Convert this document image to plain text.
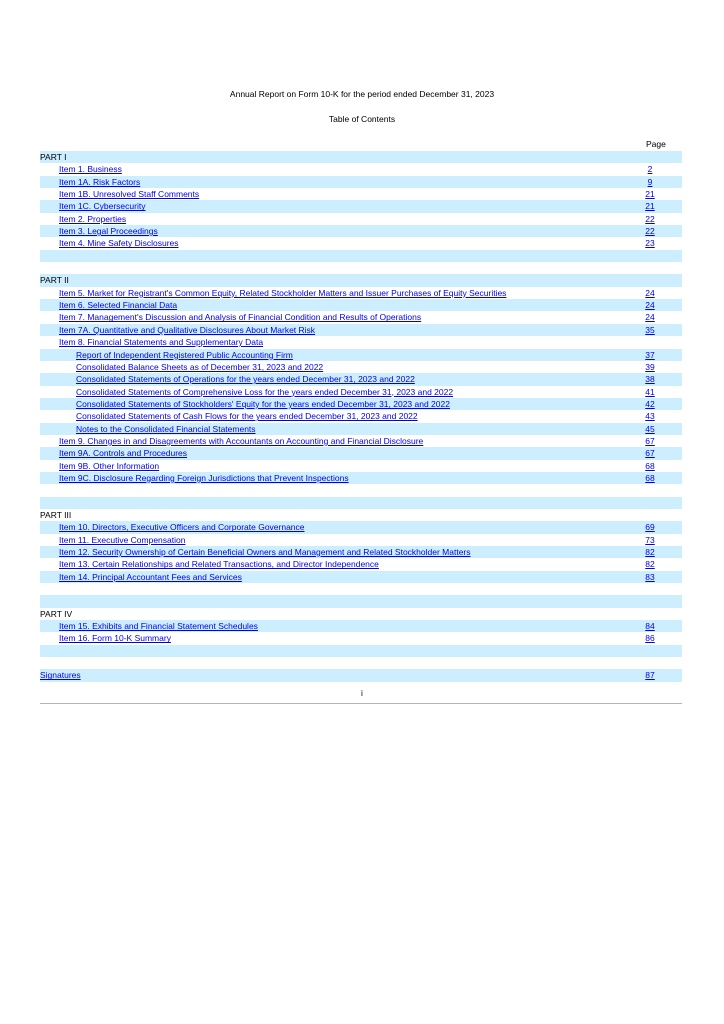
Annual Report on Form 10-K for the period ended December 31, 2023
Table of Contents
Page
PART I
Item 1. Business	2
Item 1A. Risk Factors	9
Item 1B. Unresolved Staff Comments	21
Item 1C. Cybersecurity	21
Item 2. Properties	22
Item 3. Legal Proceedings	22
Item 4. Mine Safety Disclosures	23
PART II
Item 5. Market for Registrant's Common Equity, Related Stockholder Matters and Issuer Purchases of Equity Securities	24
Item 6. Selected Financial Data	24
Item 7. Management's Discussion and Analysis of Financial Condition and Results of Operations	24
Item 7A. Quantitative and Qualitative Disclosures About Market Risk	35
Item 8. Financial Statements and Supplementary Data
Report of Independent Registered Public Accounting Firm	37
Consolidated Balance Sheets as of December 31, 2023 and 2022	39
Consolidated Statements of Operations for the years ended December 31, 2023 and 2022	38
Consolidated Statements of Comprehensive Loss for the years ended December 31, 2023 and 2022	41
Consolidated Statements of Stockholders' Equity for the years ended December 31, 2023 and 2022	42
Consolidated Statements of Cash Flows for the years ended December 31, 2023 and 2022	43
Notes to the Consolidated Financial Statements	45
Item 9. Changes in and Disagreements with Accountants on Accounting and Financial Disclosure	67
Item 9A. Controls and Procedures	67
Item 9B. Other Information	68
Item 9C. Disclosure Regarding Foreign Jurisdictions that Prevent Inspections	68
PART III
Item 10. Directors, Executive Officers and Corporate Governance	69
Item 11. Executive Compensation	73
Item 12. Security Ownership of Certain Beneficial Owners and Management and Related Stockholder Matters	82
Item 13. Certain Relationships and Related Transactions, and Director Independence	82
Item 14. Principal Accountant Fees and Services	83
PART IV
Item 15. Exhibits and Financial Statement Schedules	84
Item 16. Form 10-K Summary	86
Signatures	87
i
